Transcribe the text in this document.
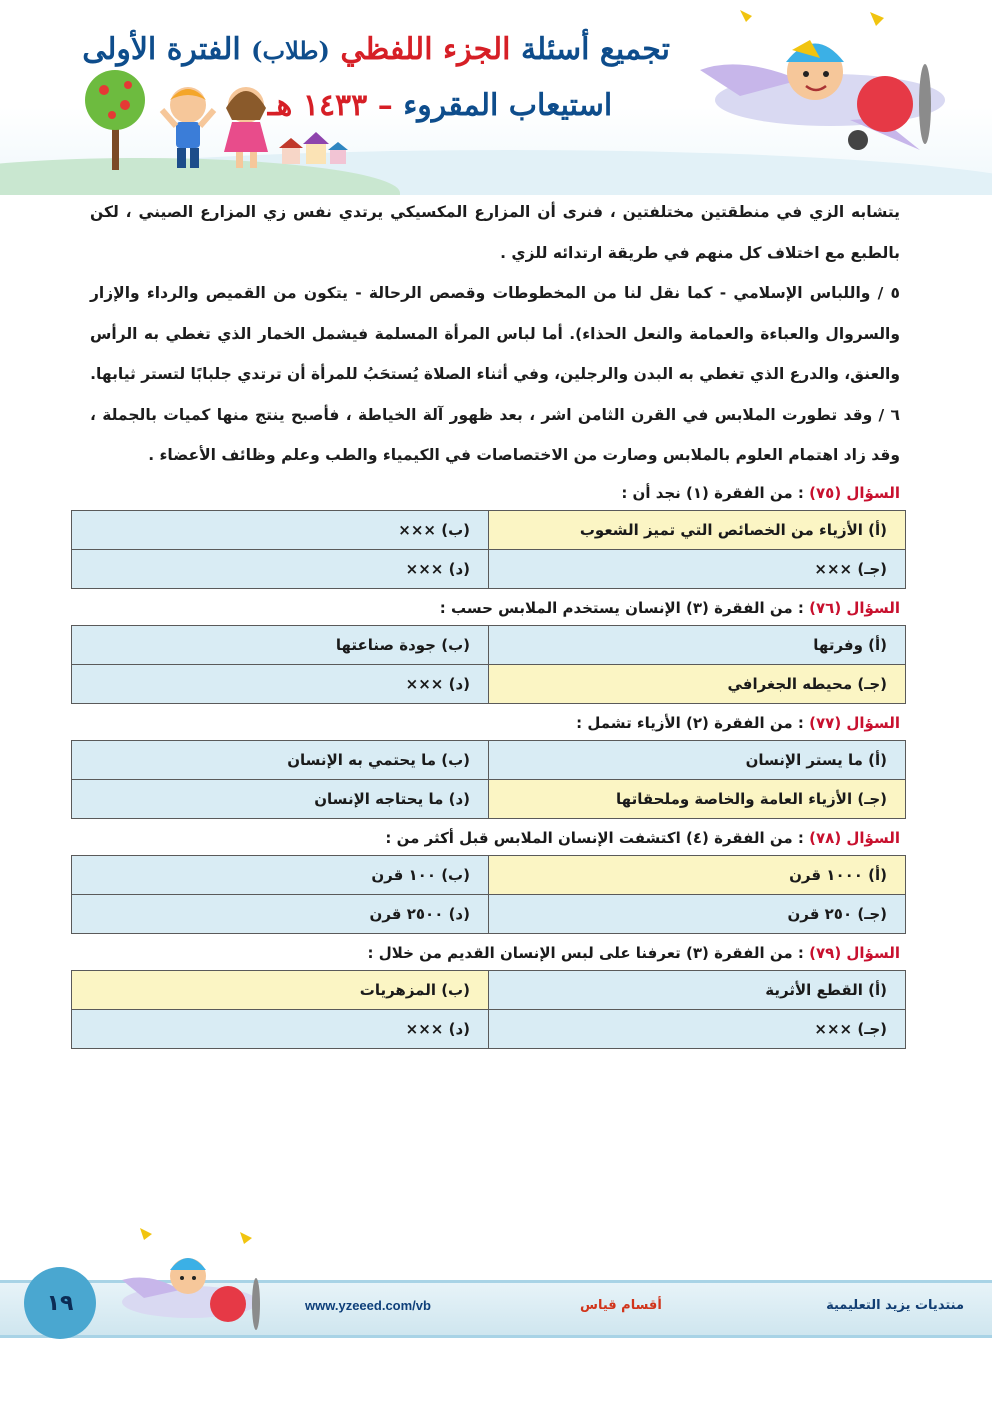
تجميع أسئلة الجزء اللفظي (طلاب) الفترة الأولى
استيعاب المقروء – ١٤٣٣ هـ

يتشابه الزي في منطقتين مختلفتين ، فنرى أن المزارع المكسيكي يرتدي نفس زي المزارع الصيني ، لكن بالطبع مع اختلاف كل منهم في طريقة ارتدائه للزي .

٥ / واللباس الإسلامي - كما نقل لنا من المخطوطات وقصص الرحالة - يتكون من القميص والرداء والإزار والسروال والعباءة والعمامة والنعل الحذاء). أما لباس المرأة المسلمة فيشمل الخمار الذي تغطي به الرأس والعنق، والدرع الذي تغطي به البدن والرجلين، وفي أثناء الصلاة يُستحَبُ للمرأة أن ترتدي جلبابًا لتستر ثيابها.

٦ / وقد تطورت الملابس في القرن الثامن اشر ، بعد ظهور آلة الخياطة ، فأصبح ينتج منها كميات بالجملة ، وقد زاد اهتمام العلوم بالملابس وصارت من الاختصاصات في الكيمياء والطب وعلم وظائف الأعضاء .

السؤال (٧٥) : من الفقرة (١) نجد أن :
(أ) الأزياء من الخصائص التي تميز الشعوب	(ب) ×××
(جـ) ×××	(د) ×××
السؤال (٧٦) : من الفقرة (٣) الإنسان يستخدم الملابس حسب :
(أ) وفرتها	(ب) جودة صناعتها
(جـ) محيطه الجغرافي	(د) ×××
السؤال (٧٧) : من الفقرة (٢) الأزياء تشمل :
(أ) ما يستر الإنسان	(ب) ما يحتمي به الإنسان
(جـ) الأزياء العامة والخاصة وملحقاتها	(د) ما يحتاجه الإنسان
السؤال (٧٨) : من الفقرة (٤) اكتشفت الإنسان الملابس قبل أكثر من :
(أ) ١٠٠٠ قرن	(ب) ١٠٠ قرن
(جـ) ٢٥٠ قرن	(د) ٢٥٠٠ قرن
السؤال (٧٩) : من الفقرة (٣) تعرفنا على لبس الإنسان القديم من خلال :
(أ) القطع الأثرية	(ب) المزهريات
(جـ) ×××	(د) ×××
١٩	www.yzeeed.com/vb	أقسام قياس	منتديات يزيد التعليمية
